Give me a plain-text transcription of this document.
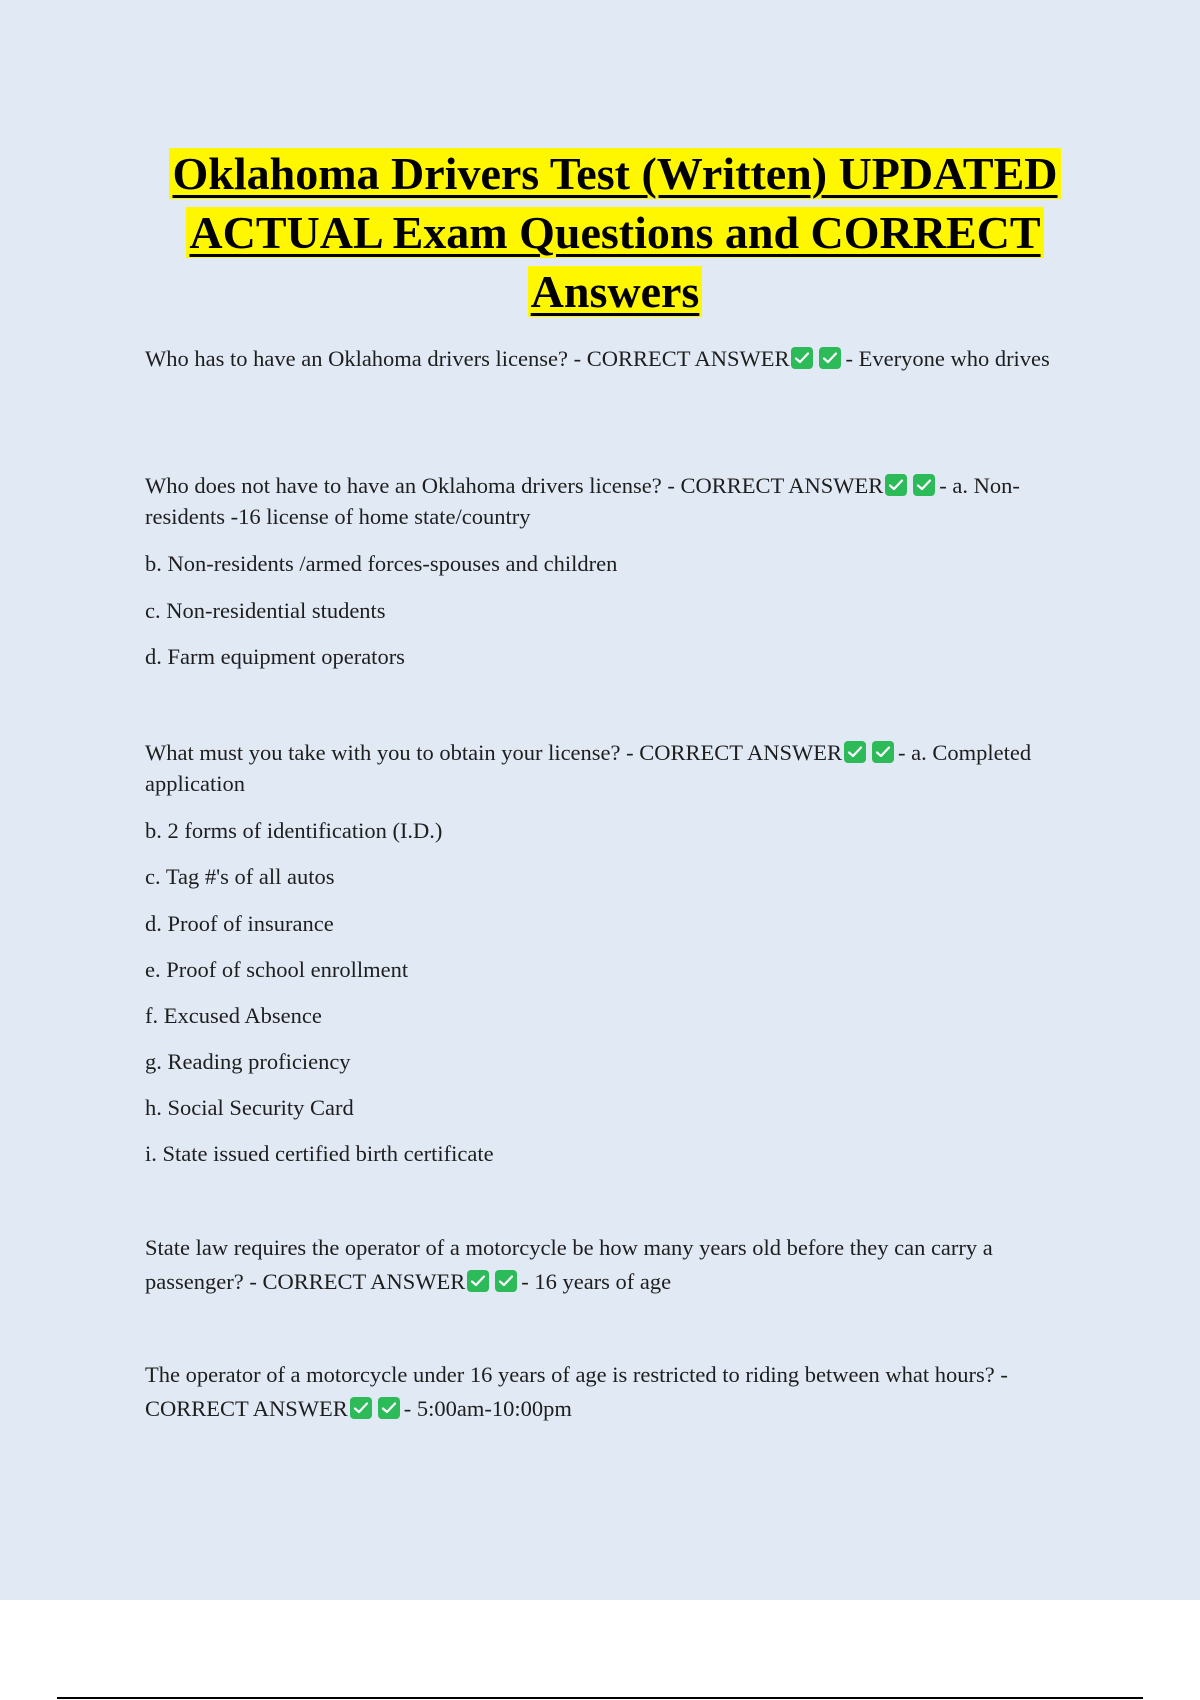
Oklahoma Drivers Test (Written) UPDATED ACTUAL Exam Questions and CORRECT Answers

Who has to have an Oklahoma drivers license? - CORRECT ANSWER - Everyone who drives

Who does not have to have an Oklahoma drivers license? - CORRECT ANSWER - a. Non-residents -16 license of home state/country

b. Non-residents /armed forces-spouses and children

c. Non-residential students

d. Farm equipment operators

What must you take with you to obtain your license? - CORRECT ANSWER - a. Completed application

b. 2 forms of identification (I.D.)

c. Tag #'s of all autos

d. Proof of insurance

e. Proof of school enrollment

f. Excused Absence

g. Reading proficiency

h. Social Security Card

i. State issued certified birth certificate

State law requires the operator of a motorcycle be how many years old before they can carry a passenger? - CORRECT ANSWER - 16 years of age

The operator of a motorcycle under 16 years of age is restricted to riding between what hours? - CORRECT ANSWER - 5:00am-10:00pm
